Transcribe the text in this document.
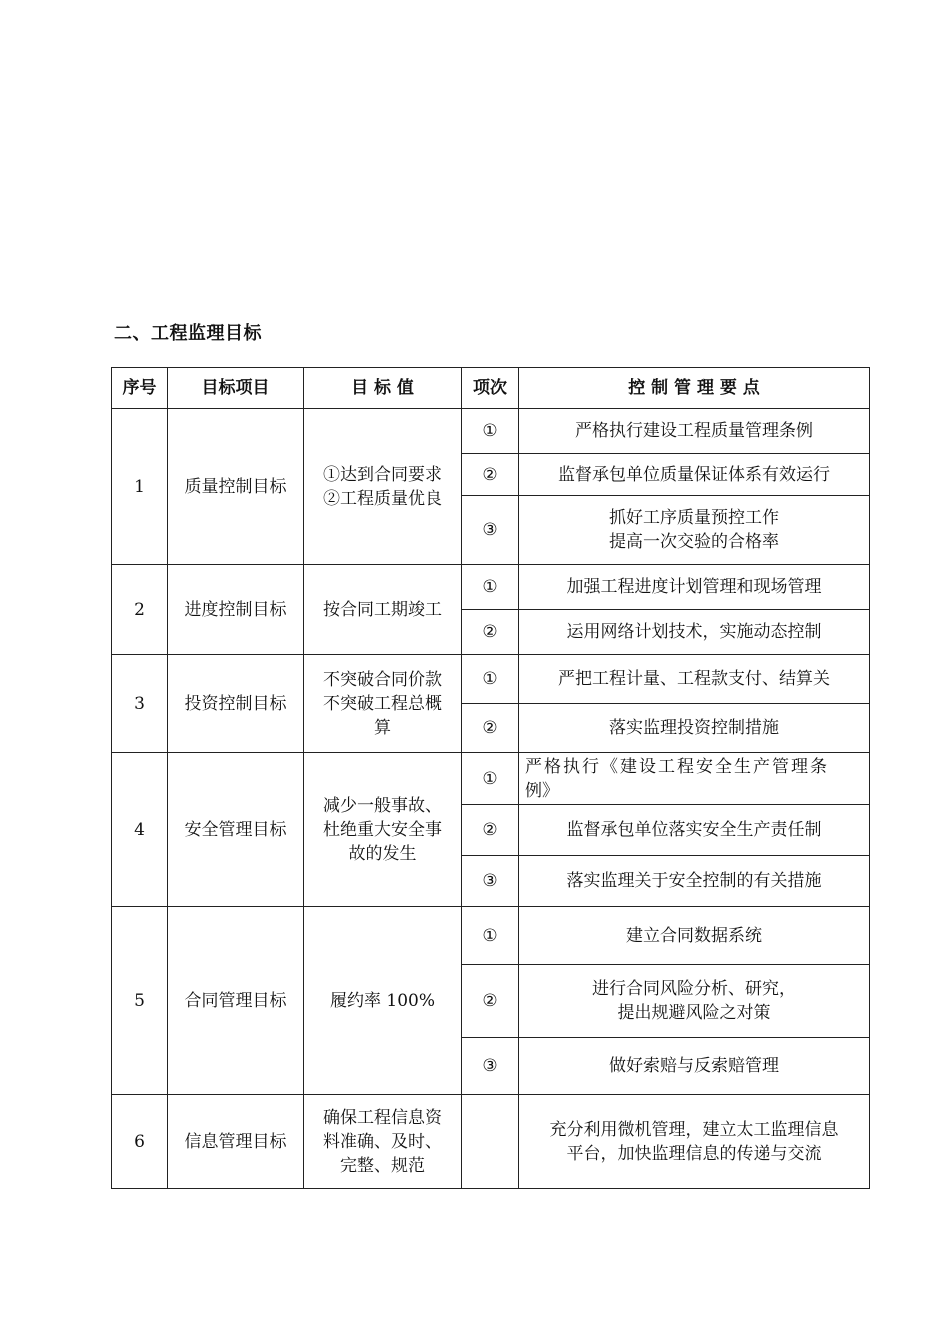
二、工程监理目标
序号	目标项目	目 标 值	项次	控 制 管 理 要 点
1	质量控制目标	①达到合同要求
②工程质量优良	①	严格执行建设工程质量管理条例

			②	监督承包单位质量保证体系有效运行

			③	抓好工序质量预控工作
提高一次交验的合格率

2	进度控制目标	按合同工期竣工	①	加强工程进度计划管理和现场管理

			②	运用网络计划技术，实施动态控制

3	投资控制目标	不突破合同价款
不突破工程总概
算	①	严把工程计量、工程款支付、结算关

			②	落实监理投资控制措施

4	安全管理目标	减少一般事故、
杜绝重大安全事
故的发生	①	严格执行《建设工程安全生产管理条
例》

			②	监督承包单位落实安全生产责任制

			③	落实监理关于安全控制的有关措施

5	合同管理目标	履约率 100%	①	建立合同数据系统

			②	进行合同风险分析、研究，
提出规避风险之对策

			③	做好索赔与反索赔管理

6	信息管理目标	确保工程信息资
料准确、及时、
完整、规范		充分利用微机管理，建立太工监理信息
平台，加快监理信息的传递与交流
